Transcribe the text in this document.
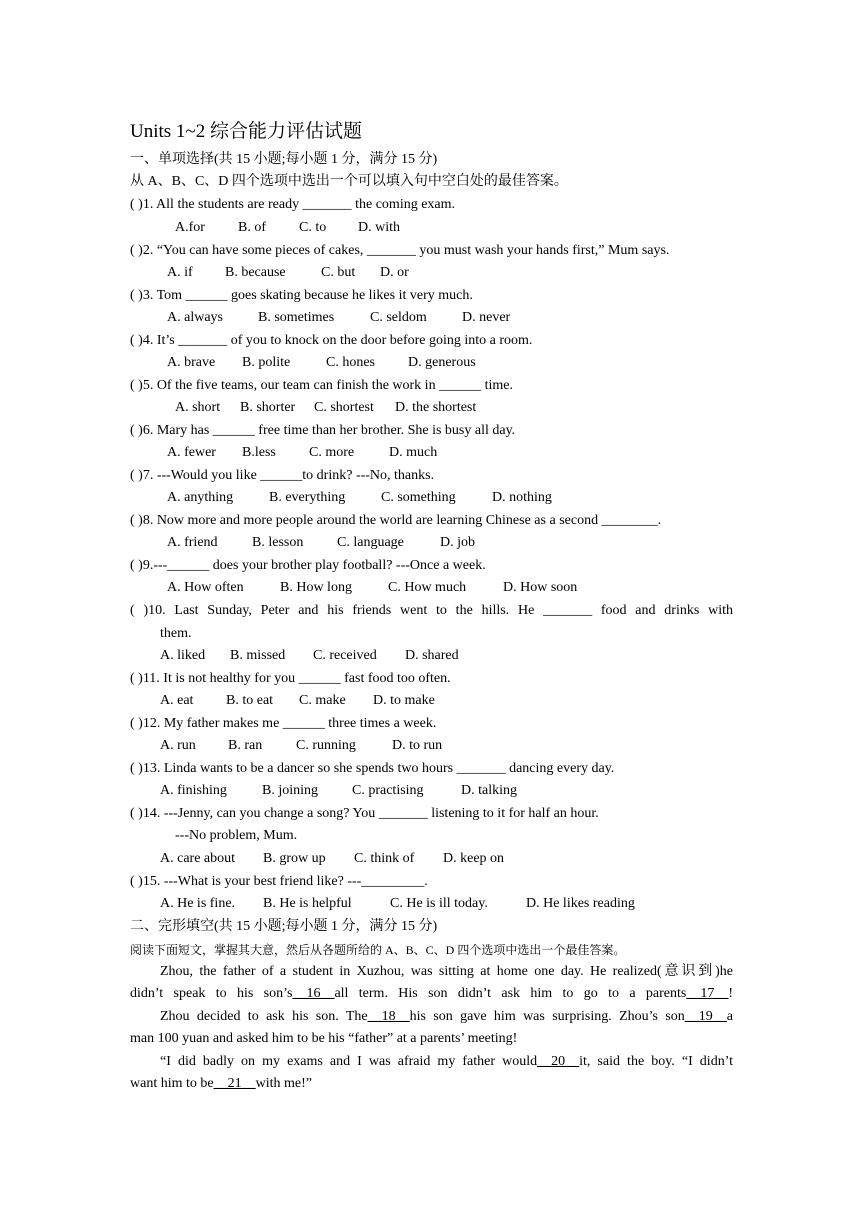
Units 1~2 综合能力评估试题
一、单项选择(共 15 小题;每小题 1 分，满分 15 分)
从 A、B、C、D 四个选项中选出一个可以填入句中空白处的最佳答案。
( )1. All the students are ready _______ the coming exam.
A.for B. of C. to D. with
( )2. “You can have some pieces of cakes, _______ you must wash your hands first,” Mum says.
A. if B. because	C. but D. or
( )3. Tom ______ goes skating because he likes it very much.
A. always	B. sometimes	C. seldom	D. never
( )4. It’s _______ of you to knock on the door before going into a room.
A. brave B. polite	C. hones D. generous
( )5. Of the five teams, our team can finish the work in ______ time.
A. short B. shorter C. shortest D. the shortest
( )6. Mary has ______ free time than her brother. She is busy all day.
A. fewer B.less C. more D. much
( )7. ---Would you like ______to drink? ---No, thanks.
A. anything	B. everything	C. something	D. nothing
( )8. Now more and more people around the world are learning Chinese as a second ________.
A. friend B. lesson C. language	D. job
( )9.---______ does your brother play football? ---Once a week.
A. How often	B. How long	C. How much	D. How soon
( )10. Last Sunday, Peter and his friends went to the hills. He _______ food and drinks with
them.
A. liked B. missed C. received D. shared
( )11. It is not healthy for you ______ fast food too often.
A. eat B. to eat C. make D. to make
( )12. My father makes me ______ three times a week.
A. run B. ran C. running	D. to run
( )13. Linda wants to be a dancer so she spends two hours _______ dancing every day.
A. finishing	B. joining C. practising	D. talking
( )14. ---Jenny, can you change a song? You _______ listening to it for half an hour.
---No problem, Mum.
A. care about B. grow up C. think of D. keep on
( )15. ---What is your best friend like? ---_________.
A. He is fine. B. He is helpful	C. He is ill today.	D. He likes reading
二、完形填空(共 15 小题;每小题 1 分，满分 15 分)
阅读下面短文，掌握其大意，然后从各题所给的 A、B、C、D 四个选项中选出一个最佳答案。
Zhou, the father of a student in Xuzhou, was sitting at home one day. He realized(意识到)he
didn’t speak to his son’s__16__all term. His son didn’t ask him to go to a parents__17__!
Zhou decided to ask his son. The__18__his son gave him was surprising. Zhou’s son__19__a
man 100 yuan and asked him to be his “father” at a parents’ meeting!
“I did badly on my exams and I was afraid my father would__20__it, said the boy. “I didn’t
want him to be__21__with me!”
